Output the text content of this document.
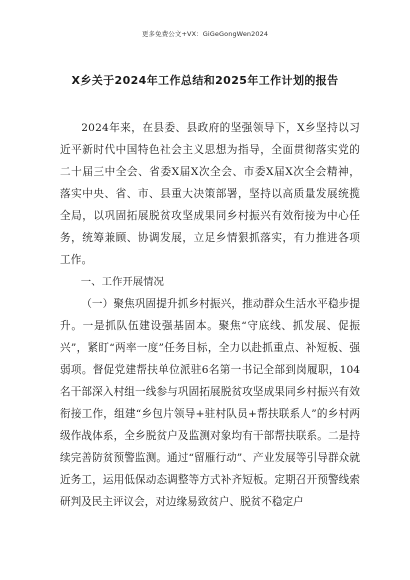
更多免费公文+VX：GiGeGongWen2024
X乡关于2024年工作总结和2025年工作计划的报告

2024年来，在县委、县政府的坚强领导下，X乡坚持以习近平新时代中国特色社会主义思想为指导，全面贯彻落实党的二十届三中全会、省委X届X次全会、市委X届X次全会精神，落实中央、省、市、县重大决策部署，坚持以高质量发展统揽全局，以巩固拓展脱贫攻坚成果同乡村振兴有效衔接为中心任务，统筹兼顾、协调发展，立足乡情狠抓落实，有力推进各项工作。

一、工作开展情况

（一）聚焦巩固提升抓乡村振兴，推动群众生活水平稳步提升。一是抓队伍建设强基固本。聚焦“守底线、抓发展、促振兴”，紧盯“两率一度”任务目标，全力以赴抓重点、补短板、强弱项。督促党建帮扶单位派驻6名第一书记全部到岗履职，104名干部深入村组一线参与巩固拓展脱贫攻坚成果同乡村振兴有效衔接工作，组建“乡包片领导+驻村队员+帮扶联系人”的乡村两级作战体系，全乡脱贫户及监测对象均有干部帮扶联系。二是持续完善防贫预警监测。通过“留雁行动”、产业发展等引导群众就近务工，运用低保动态调整等方式补齐短板。定期召开预警线索研判及民主评议会，对边缘易致贫户、脱贫不稳定户
